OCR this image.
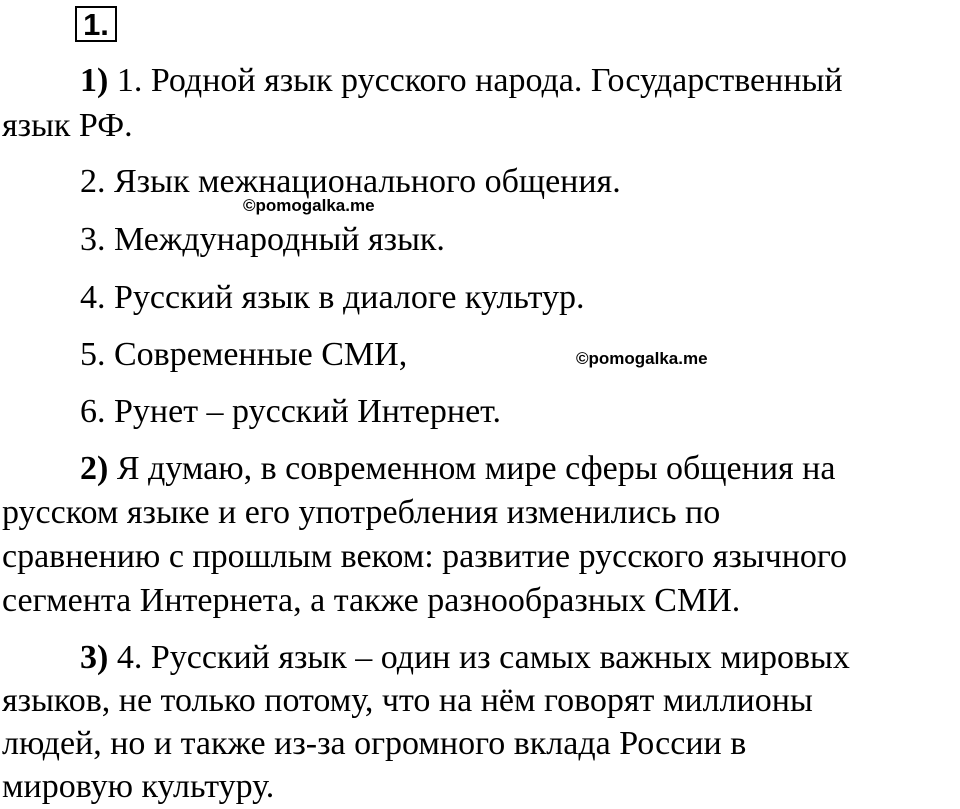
1.
1) 1. Родной язык русского народа. Государственный
язык РФ.
2. Язык межнационального общения.
3. Международный язык.
4. Русский язык в диалоге культур.
5. Современные СМИ,
6. Рунет – русский Интернет.
2) Я думаю, в современном мире сферы общения на
русском языке и его употребления изменились по
сравнению с прошлым веком: развитие русского язычного
сегмента Интернета, а также разнообразных СМИ.
3) 4. Русский язык – один из самых важных мировых
языков, не только потому, что на нём говорят миллионы
людей, но и также из-за огромного вклада России в
мировую культуру.
©pomogalka.me
©pomogalka.me
